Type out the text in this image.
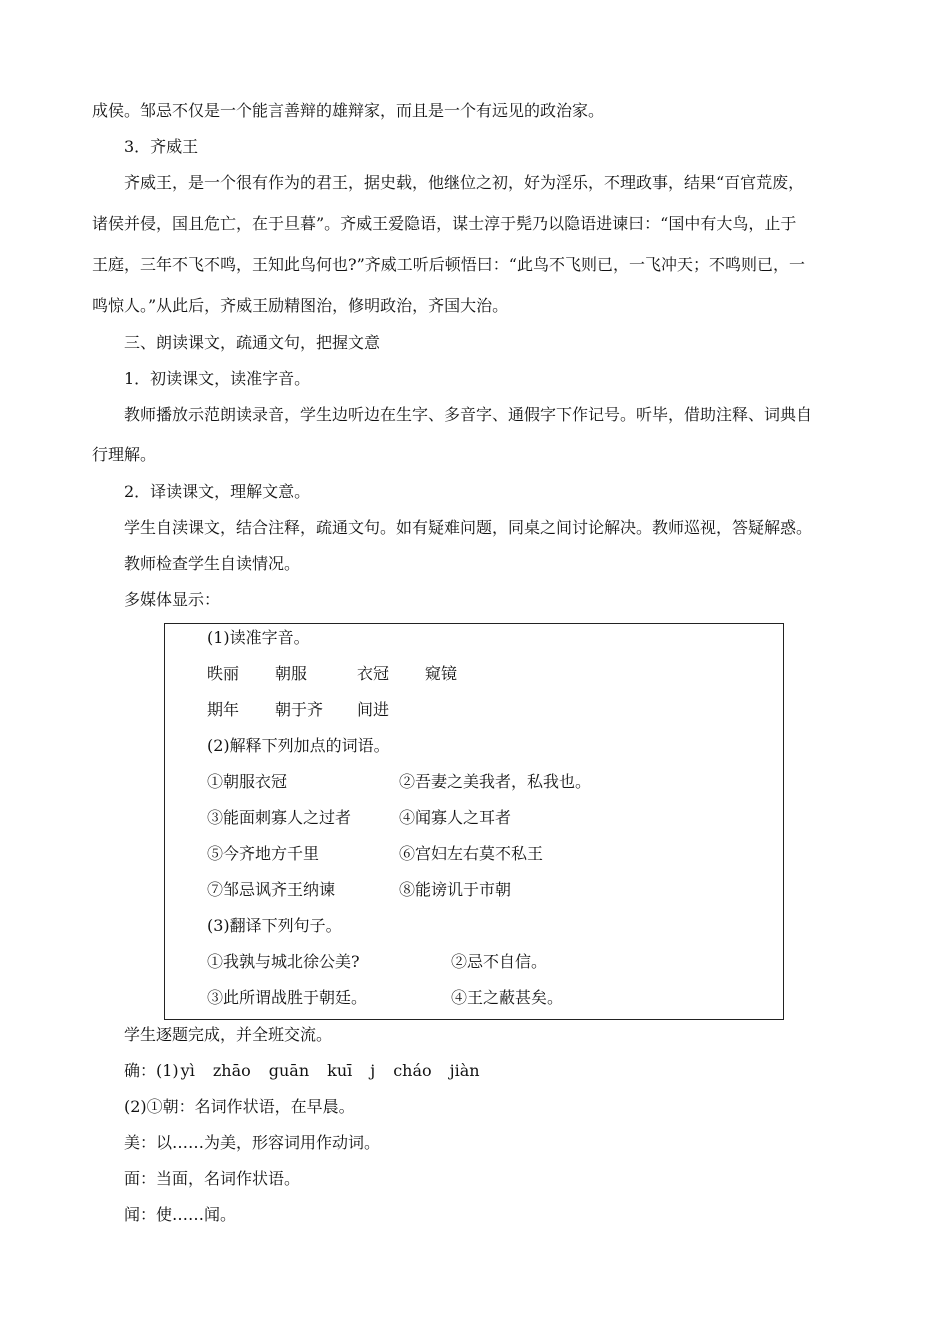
成侯。邹忌不仅是一个能言善辩的雄辩家，而且是一个有远见的政治家。
3．齐威王
齐威王，是一个很有作为的君王，据史载，他继位之初，好为淫乐，不理政事，结果“百官荒废，
诸侯并侵，国且危亡，在于旦暮”。齐威王爱隐语，谋士淳于髡乃以隐语进谏曰：“国中有大鸟，止于
王庭，三年不飞不鸣，王知此鸟何也?”齐威工听后顿悟曰：“此鸟不飞则已，一飞冲天；不鸣则已，一
鸣惊人。”从此后，齐威王励精图治，修明政治，齐国大治。
三、朗读课文，疏通文句，把握文意
1．初读课文，读准字音。
教师播放示范朗读录音，学生边听边在生字、多音字、通假字下作记号。听毕，借助注释、词典自
行理解。
2．译读课文，理解文意。
学生自渎课文，结合注释，疏通文句。如有疑难问题，同桌之间讨论解决。教师巡视，答疑解惑。
教师检查学生自读情况。
多媒体显示：
(1)读准字音。
昳丽 朝服	衣冠 窥镜
期年 朝于齐 间进
(2)解释下列加点的词语。
①朝服衣冠	②吾妻之美我者，私我也。
③能面刺寡人之过者	④闻寡人之耳者
⑤今齐地方千里	⑥宫妇左右莫不私王
⑦邹忌讽齐王纳谏	⑧能谤讥于市朝
(3)翻译下列句子。
①我孰与城北徐公美?	②忌不自信。
③此所谓战胜于朝廷。	④王之蔽甚矣。
学生逐题完成，并全班交流。
确：(1) yì zhāo guān kuī j cháo jiàn
(2)①朝：名词作状语，在早晨。
美：以……为美，形容词用作动词。
面：当面，名词作状语。
闻：使……闻。
